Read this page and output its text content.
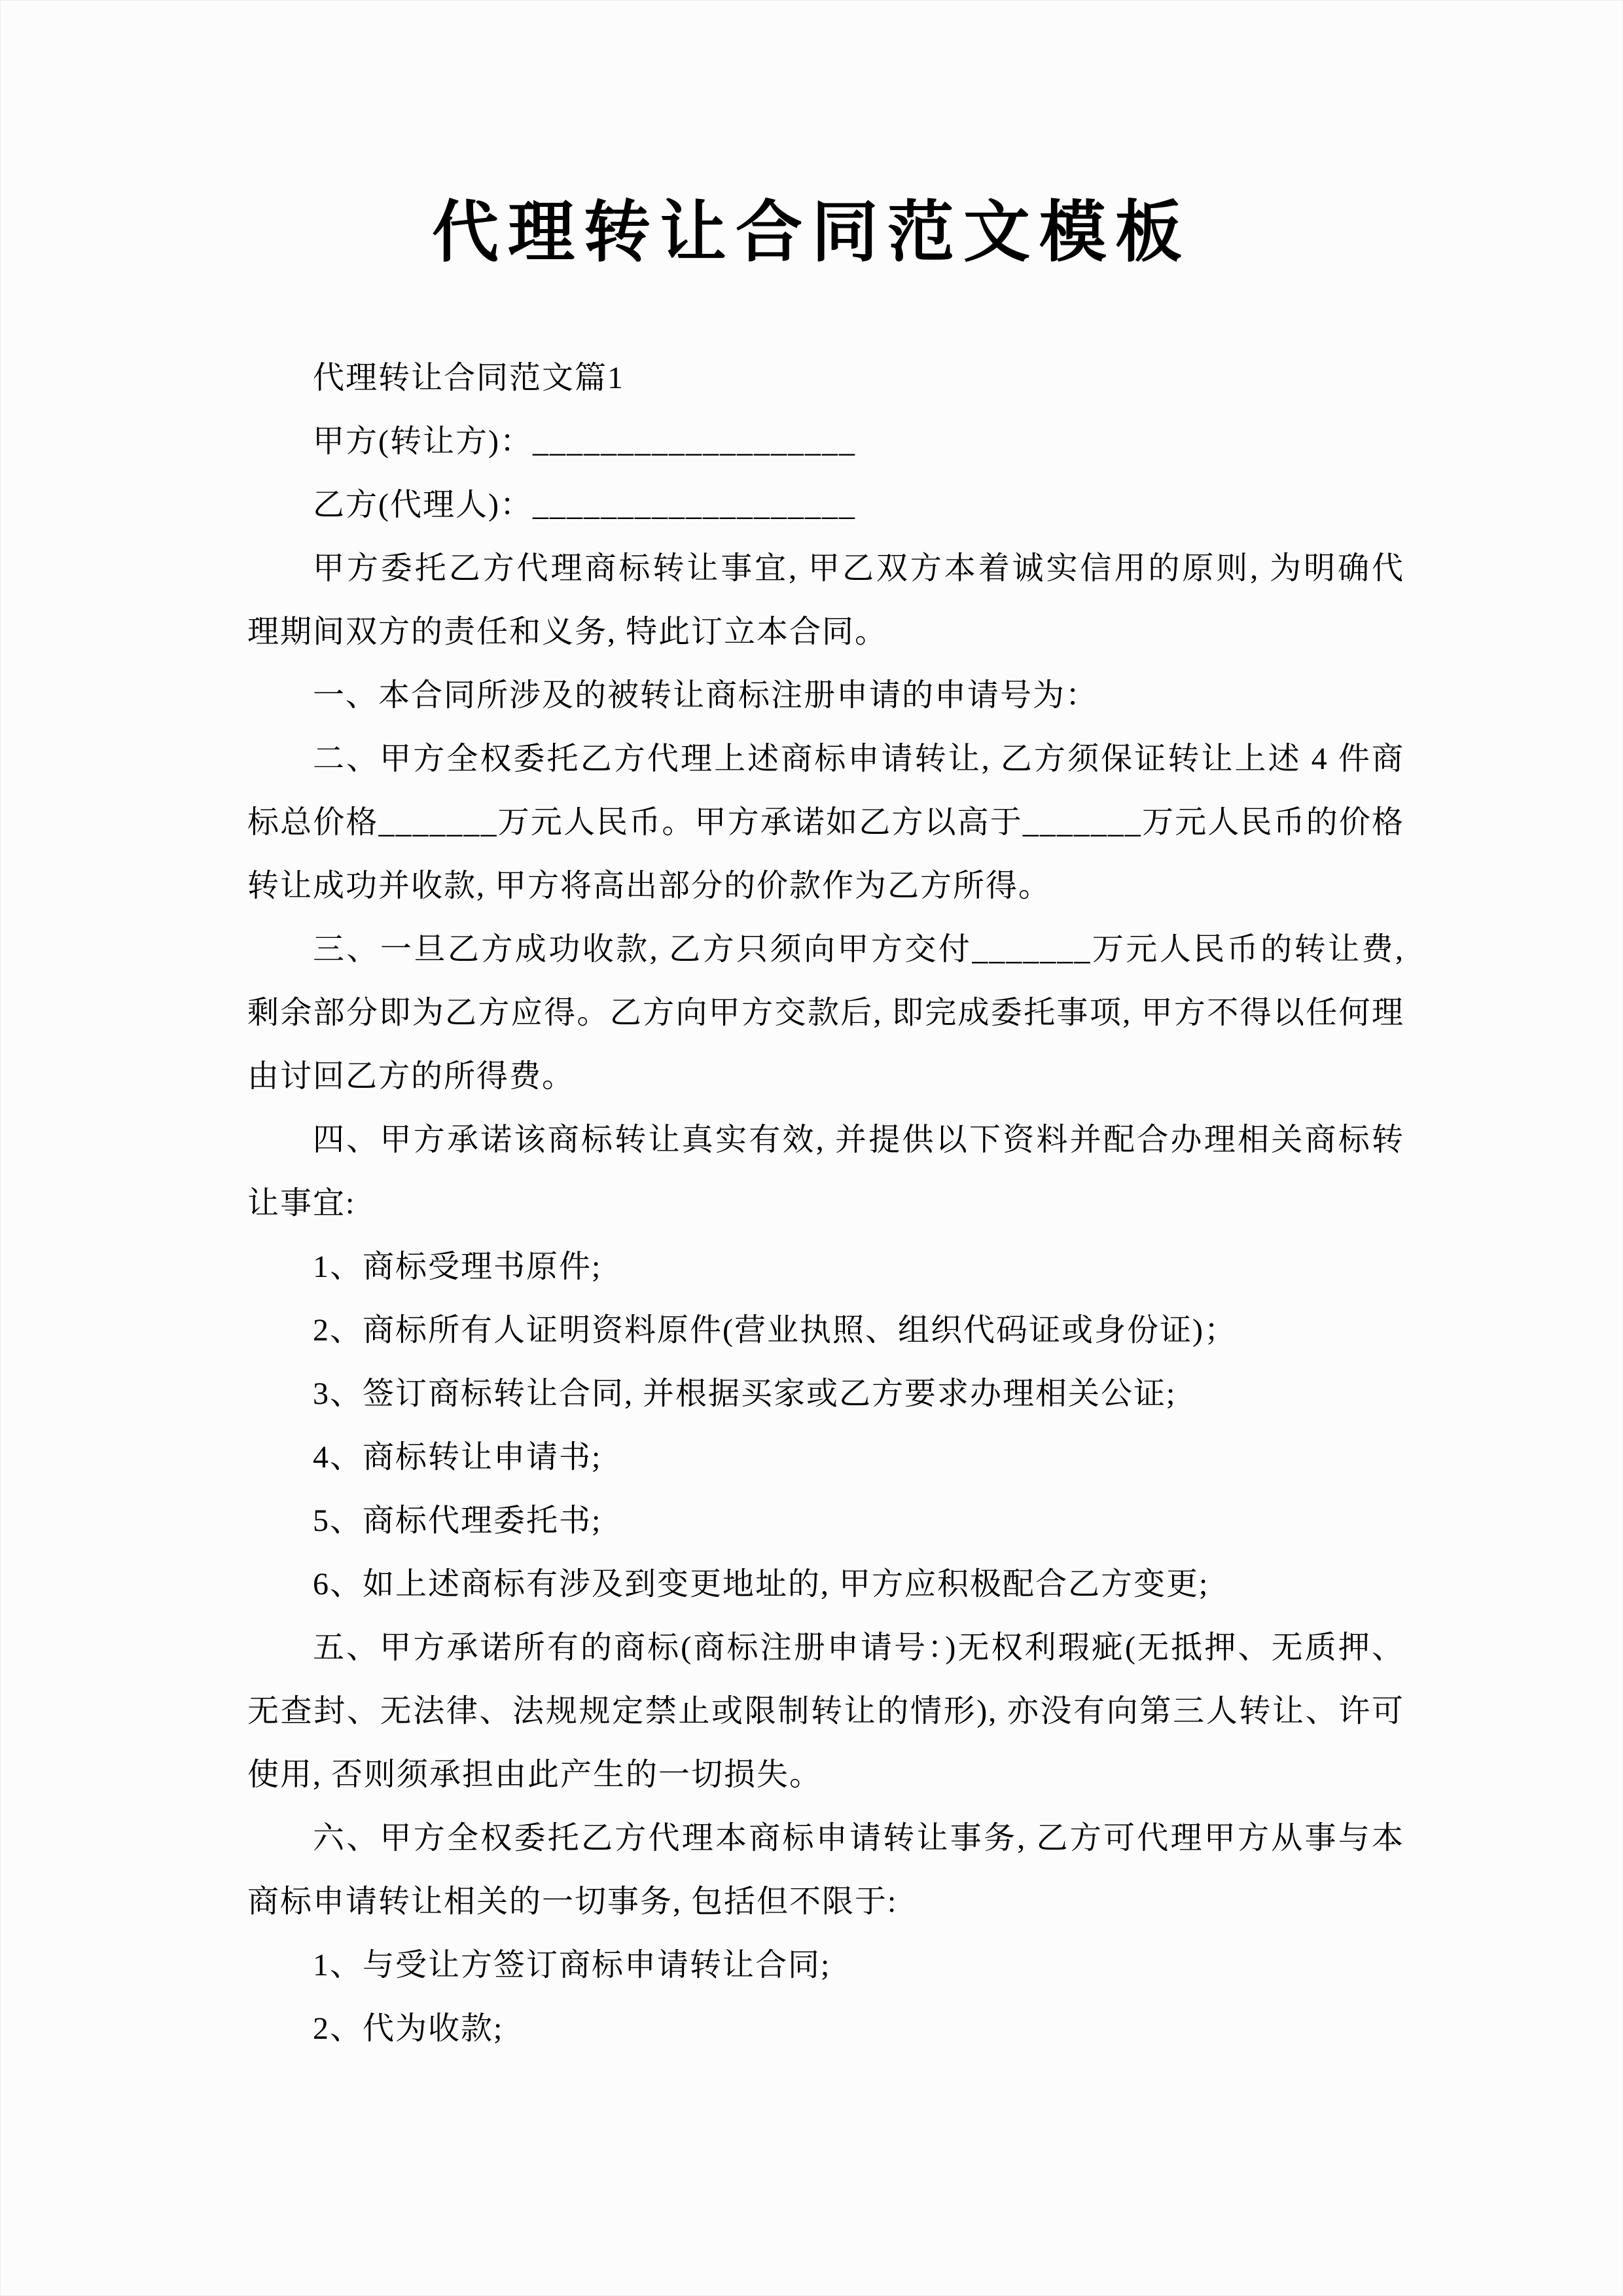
代理转让合同范文模板
代理转让合同范文篇1
甲方(转让方)：___________________
乙方(代理人)：___________________
甲方委托乙方代理商标转让事宜, 甲乙双方本着诚实信用的原则, 为明确代
理期间双方的责任和义务, 特此订立本合同。
一、本合同所涉及的被转让商标注册申请的申请号为：
二、甲方全权委托乙方代理上述商标申请转让, 乙方须保证转让上述 4 件商
标总价格_______万元人民币。甲方承诺如乙方以高于_______万元人民币的价格
转让成功并收款, 甲方将高出部分的价款作为乙方所得。
三、一旦乙方成功收款, 乙方只须向甲方交付_______万元人民币的转让费,
剩余部分即为乙方应得。乙方向甲方交款后, 即完成委托事项, 甲方不得以任何理
由讨回乙方的所得费。
四、甲方承诺该商标转让真实有效, 并提供以下资料并配合办理相关商标转
让事宜:
1、商标受理书原件;
2、商标所有人证明资料原件(营业执照、组织代码证或身份证)；
3、签订商标转让合同, 并根据买家或乙方要求办理相关公证;
4、商标转让申请书;
5、商标代理委托书;
6、如上述商标有涉及到变更地址的, 甲方应积极配合乙方变更;
五、甲方承诺所有的商标(商标注册申请号：)无权利瑕疵(无抵押、无质押、
无查封、无法律、法规规定禁止或限制转让的情形), 亦没有向第三人转让、许可
使用, 否则须承担由此产生的一切损失。
六、甲方全权委托乙方代理本商标申请转让事务, 乙方可代理甲方从事与本
商标申请转让相关的一切事务, 包括但不限于:
1、与受让方签订商标申请转让合同;
2、代为收款;
